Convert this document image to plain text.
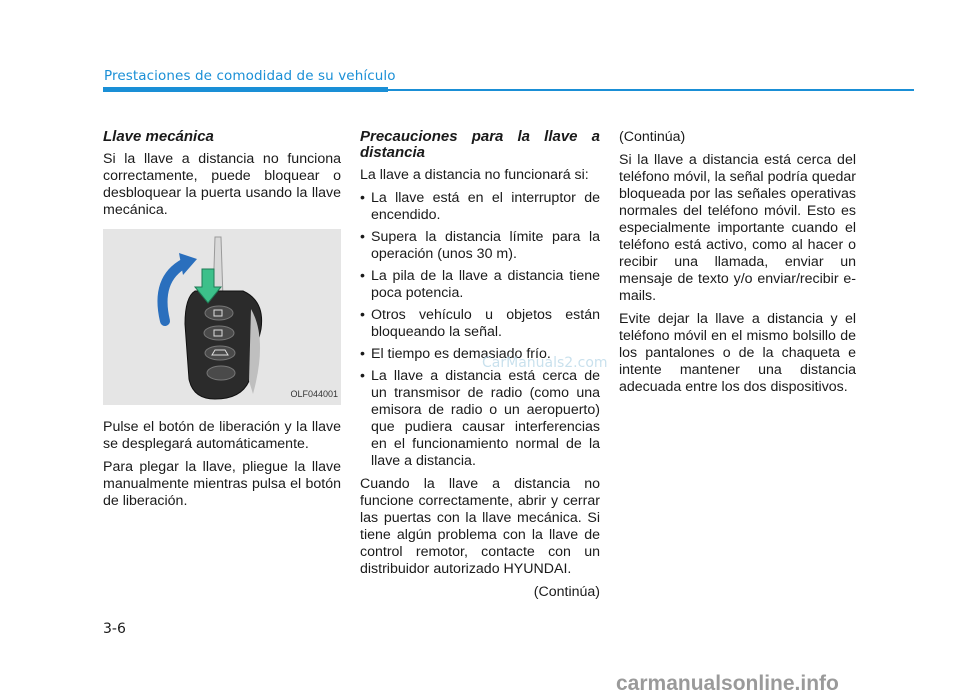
Prestaciones de comodidad de su vehículo
Llave mecánica

Si la llave a distancia no funciona correctamente, puede bloquear o desbloquear la puerta usando la llave mecánica.

OLF044001

Pulse el botón de liberación y la llave se desplegará automáticamente.

Para plegar la llave, pliegue la llave manualmente mientras pulsa el botón de liberación.

Precauciones para la llave a distancia

La llave a distancia no funcionará si:

• La llave está en el interruptor de encendido.
• Supera la distancia límite para la operación (unos 30 m).
• La pila de la llave a distancia tiene poca potencia.
• Otros vehículo u objetos están bloqueando la señal.
• El tiempo es demasiado frío.
• La llave a distancia está cerca de un transmisor de radio (como una emisora de radio o un aeropuerto) que pudiera causar interferencias en el funcionamiento normal de la llave a distancia.

Cuando la llave a distancia no funcione correctamente, abrir y cerrar las puertas con la llave mecánica. Si tiene algún problema con la llave de control remotor, contacte con un distribuidor autorizado HYUNDAI.

(Continúa)

(Continúa)

Si la llave a distancia está cerca del teléfono móvil, la señal podría quedar bloqueada por las señales operativas normales del teléfono móvil. Esto es especialmente importante cuando el teléfono está activo, como al hacer o recibir una llamada, enviar un mensaje de texto y/o enviar/recibir e-mails.

Evite dejar la llave a distancia y el teléfono móvil en el mismo bolsillo de los pantalones o de la chaqueta e intente mantener una distancia adecuada entre los dos dispositivos.

3-6
CarManuals2.com
carmanualsonline.info
